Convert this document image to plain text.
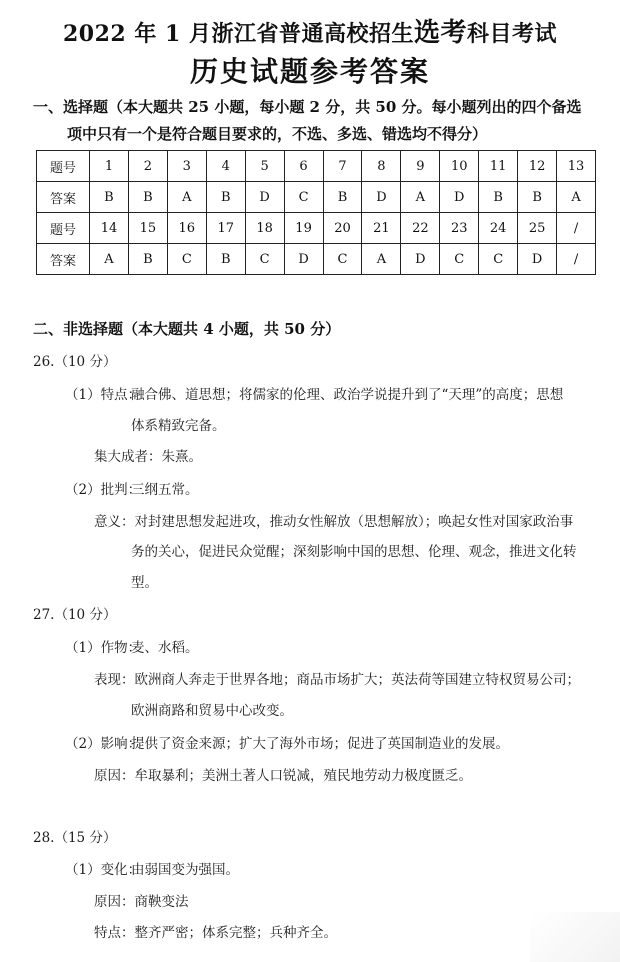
2022 年 1 月浙江省普通高校招生选考科目考试
历史试题参考答案
一、选择题（本大题共 25 小题，每小题 2 分，共 50 分。每小题列出的四个备选
项中只有一个是符合题目要求的，不选、多选、错选均不得分）
题号	1	2	3	4	5	6	7	8	9	10	11	12	13
答案	B	B	A	B	D	C	B	D	A	D	B	B	A
题号	14	15	16	17	18	19	20	21	22	23	24	25	/
答案	A	B	C	B	C	D	C	A	D	C	C	D	/
二、非选择题（本大题共 4 小题，共 50 分）
26.（10 分）
（1）特点：
融合佛、道思想；将儒家的伦理、政治学说提升到了“天理”的高度；思想
体系精致完备。
集大成者：朱熹。
（2）批判：
三纲五常。
意义：对封建思想发起进攻，推动女性解放（思想解放）；唤起女性对国家政治事
务的关心，促进民众觉醒；深刻影响中国的思想、伦理、观念，推进文化转
型。
27.（10 分）
（1）作物：
麦、水稻。
表现：欧洲商人奔走于世界各地；商品市场扩大；英法荷等国建立特权贸易公司；
欧洲商路和贸易中心改变。
（2）影响：
提供了资金来源；扩大了海外市场；促进了英国制造业的发展。
原因：牟取暴利；美洲土著人口锐减，殖民地劳动力极度匮乏。
28.（15 分）
（1）变化：
由弱国变为强国。
原因：商鞅变法
特点：整齐严密；体系完整；兵种齐全。
